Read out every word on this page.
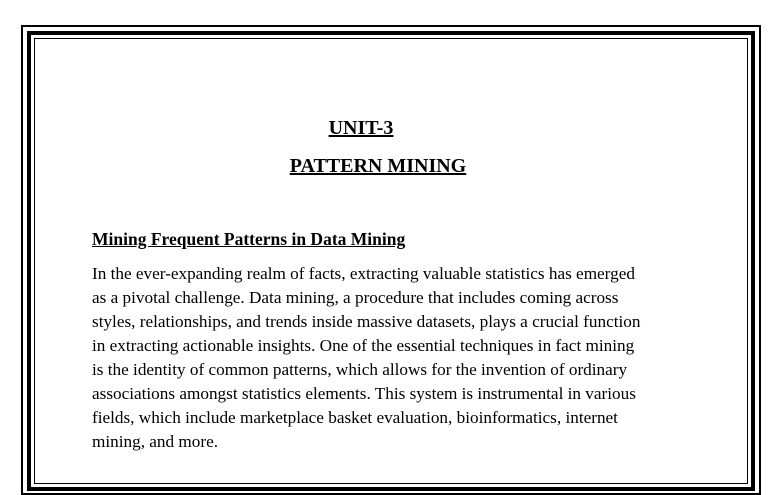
UNIT-3
PATTERN MINING
Mining Frequent Patterns in Data Mining

In the ever-expanding realm of facts, extracting valuable statistics has emerged
as a pivotal challenge. Data mining, a procedure that includes coming across
styles, relationships, and trends inside massive datasets, plays a crucial function
in extracting actionable insights. One of the essential techniques in fact mining
is the identity of common patterns, which allows for the invention of ordinary
associations amongst statistics elements. This system is instrumental in various
fields, which include marketplace basket evaluation, bioinformatics, internet
mining, and more.
